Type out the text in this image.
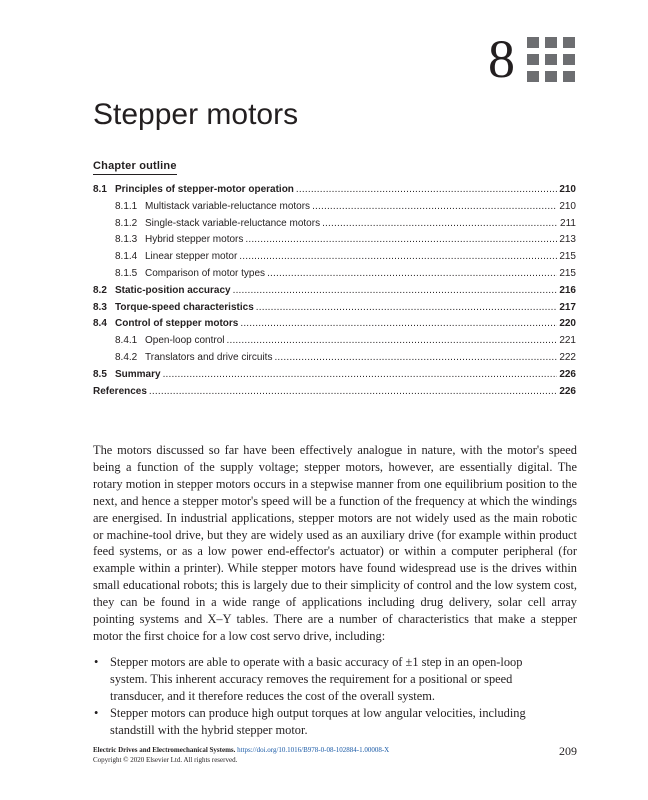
8
Stepper motors
Chapter outline
8.1 Principles of stepper-motor operation .....	210
8.1.1 Multistack variable-reluctance motors .....	210
8.1.2 Single-stack variable-reluctance motors .....	211
8.1.3 Hybrid stepper motors .....	213
8.1.4 Linear stepper motor .....	215
8.1.5 Comparison of motor types .....	215
8.2 Static-position accuracy .....	216
8.3 Torque-speed characteristics .....	217
8.4 Control of stepper motors .....	220
8.4.1 Open-loop control .....	221
8.4.2 Translators and drive circuits .....	222
8.5 Summary .....	226
References .....	226

The motors discussed so far have been effectively analogue in nature, with the motor's speed being a function of the supply voltage; stepper motors, however, are essentially digital. The rotary motion in stepper motors occurs in a stepwise manner from one equilibrium position to the next, and hence a stepper motor's speed will be a function of the frequency at which the windings are energised. In industrial applications, stepper motors are not widely used as the main robotic or machine-tool drive, but they are widely used as an auxiliary drive (for example within product feed systems, or as a low power end-effector's actuator) or within a computer peripheral (for example within a printer). While stepper motors have found widespread use is the drives within small educational robots; this is largely due to their simplicity of control and the low system cost, they can be found in a wide range of applications including drug delivery, solar cell array pointing systems and X–Y tables. There are a number of characteristics that make a stepper motor the first choice for a low cost servo drive, including:

• Stepper motors are able to operate with a basic accuracy of ±1 step in an open-loop system. This inherent accuracy removes the requirement for a positional or speed transducer, and it therefore reduces the cost of the overall system.
• Stepper motors can produce high output torques at low angular velocities, including standstill with the hybrid stepper motor.
Electric Drives and Electromechanical Systems. https://doi.org/10.1016/B978-0-08-102884-1.00008-X
Copyright © 2020 Elsevier Ltd. All rights reserved.
209
